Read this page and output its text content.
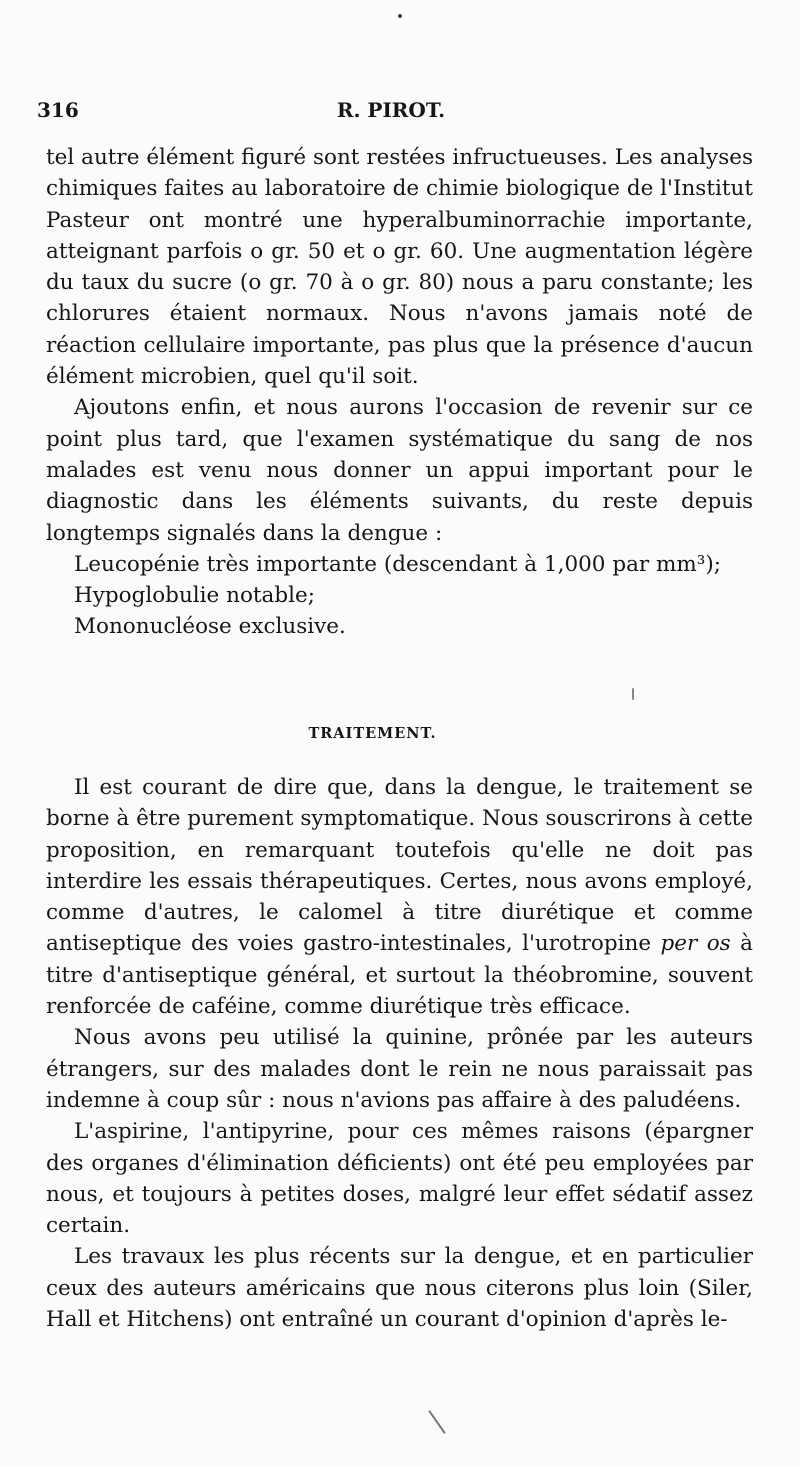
316	R. PIROT.

tel autre élément figuré sont restées infructueuses. Les analyses chimiques faites au laboratoire de chimie biologique de l'Institut Pasteur ont montré une hyperalbuminorrachie importante, atteignant parfois o gr. 50 et o gr. 60. Une augmentation légère du taux du sucre (o gr. 70 à o gr. 80) nous a paru constante; les chlorures étaient normaux. Nous n'avons jamais noté de réaction cellulaire importante, pas plus que la présence d'aucun élément microbien, quel qu'il soit.

Ajoutons enfin, et nous aurons l'occasion de revenir sur ce point plus tard, que l'examen systématique du sang de nos malades est venu nous donner un appui important pour le diagnostic dans les éléments suivants, du reste depuis longtemps signalés dans la dengue :

Leucopénie très importante (descendant à 1,000 par mm³);

Hypoglobulie notable;

Mononucléose exclusive.

TRAITEMENT.

Il est courant de dire que, dans la dengue, le traitement se borne à être purement symptomatique. Nous souscrirons à cette proposition, en remarquant toutefois qu'elle ne doit pas interdire les essais thérapeutiques. Certes, nous avons employé, comme d'autres, le calomel à titre diurétique et comme antiseptique des voies gastro-intestinales, l'urotropine per os à titre d'antiseptique général, et surtout la théobromine, souvent renforcée de caféine, comme diurétique très efficace.

Nous avons peu utilisé la quinine, prônée par les auteurs étrangers, sur des malades dont le rein ne nous paraissait pas indemne à coup sûr : nous n'avions pas affaire à des paludéens.

L'aspirine, l'antipyrine, pour ces mêmes raisons (épargner des organes d'élimination déficients) ont été peu employées par nous, et toujours à petites doses, malgré leur effet sédatif assez certain.

Les travaux les plus récents sur la dengue, et en particulier ceux des auteurs américains que nous citerons plus loin (Siler, Hall et Hitchens) ont entraîné un courant d'opinion d'après le-
